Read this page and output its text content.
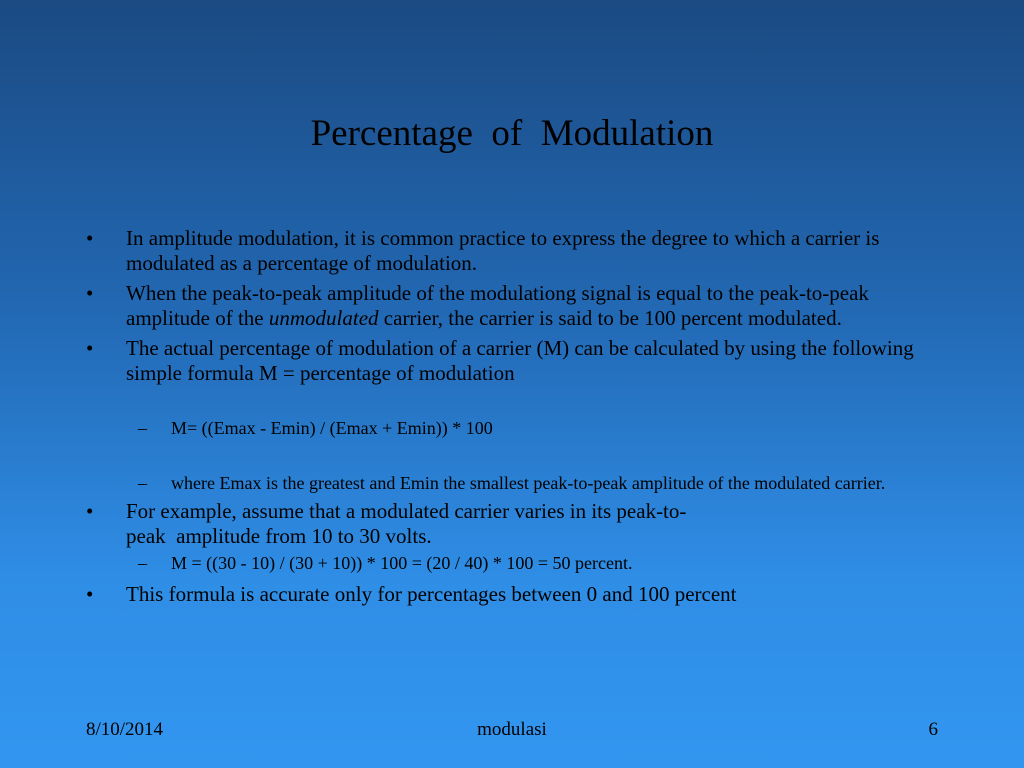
Percentage  of  Modulation
• In amplitude modulation, it is common practice to express the degree to which a carrier is modulated as a percentage of modulation.
• When the peak-to-peak amplitude of the modulationg signal is equal to the peak-to-peak amplitude of the unmodulated carrier, the carrier is said to be 100 percent modulated.
• The actual percentage of modulation of a carrier (M) can be calculated by using the following simple formula M = percentage of modulation
– M= ((Emax - Emin) / (Emax + Emin)) * 100
– where Emax is the greatest and Emin the smallest peak-to-peak amplitude of the modulated carrier.
• For example, assume that a modulated carrier varies in its peak-to-
peak  amplitude from 10 to 30 volts.
– M = ((30 - 10) / (30 + 10)) * 100 = (20 / 40) * 100 = 50 percent.
• This formula is accurate only for percentages between 0 and 100 percent
8/10/2014	modulasi	6
